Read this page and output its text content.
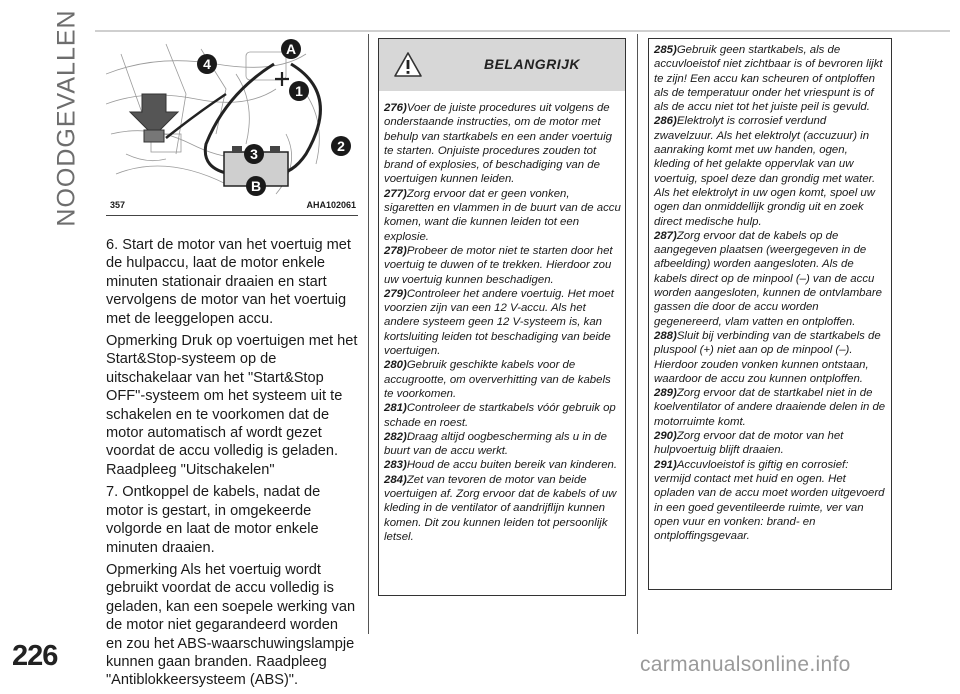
NOODGEVALLEN	A
B
1
2
3
4
357	AHA102061

6. Start de motor van het voertuig met de hulpaccu, laat de motor enkele minuten stationair draaien en start vervolgens de motor van het voertuig met de leeggelopen accu.

Opmerking Druk op voertuigen met het Start&Stop-systeem op de uitschakelaar van het "Start&Stop OFF"-systeem om het systeem uit te schakelen en te voorkomen dat de motor automatisch af wordt gezet voordat de accu volledig is geladen. Raadpleeg "Uitschakelen"

7. Ontkoppel de kabels, nadat de motor is gestart, in omgekeerde volgorde en laat de motor enkele minuten draaien.

Opmerking Als het voertuig wordt gebruikt voordat de accu volledig is geladen, kan een soepele werking van de motor niet gegarandeerd worden en zou het ABS-waarschuwingslampje kunnen gaan branden. Raadpleeg "Antiblokkeersysteem (ABS)".

BELANGRIJK
276)Voer de juiste procedures uit volgens de onderstaande instructies, om de motor met behulp van startkabels en een ander voertuig te starten. Onjuiste procedures zouden tot brand of explosies, of beschadiging van de voertuigen kunnen leiden.
277)Zorg ervoor dat er geen vonken, sigaretten en vlammen in de buurt van de accu komen, want die kunnen leiden tot een explosie.
278)Probeer de motor niet te starten door het voertuig te duwen of te trekken. Hierdoor zou uw voertuig kunnen beschadigen.
279)Controleer het andere voertuig. Het moet voorzien zijn van een 12 V-accu. Als het andere systeem geen 12 V-systeem is, kan kortsluiting leiden tot beschadiging van beide voertuigen.
280)Gebruik geschikte kabels voor de accugrootte, om oververhitting van de kabels te voorkomen.
281)Controleer de startkabels vóór gebruik op schade en roest.
282)Draag altijd oogbescherming als u in de buurt van de accu werkt.
283)Houd de accu buiten bereik van kinderen.
284)Zet van tevoren de motor van beide voertuigen af. Zorg ervoor dat de kabels of uw kleding in de ventilator of aandrijflijn kunnen komen. Dit zou kunnen leiden tot persoonlijk letsel.
285)Gebruik geen startkabels, als de accuvloeistof niet zichtbaar is of bevroren lijkt te zijn! Een accu kan scheuren of ontploffen als de temperatuur onder het vriespunt is of als de accu niet tot het juiste peil is gevuld.
286)Elektrolyt is corrosief verdund zwavelzuur. Als het elektrolyt (accuzuur) in aanraking komt met uw handen, ogen, kleding of het gelakte oppervlak van uw voertuig, spoel deze dan grondig met water. Als het elektrolyt in uw ogen komt, spoel uw ogen dan onmiddellijk grondig uit en zoek direct medische hulp.
287)Zorg ervoor dat de kabels op de aangegeven plaatsen (weergegeven in de afbeelding) worden aangesloten. Als de kabels direct op de minpool (–) van de accu worden aangesloten, kunnen de ontvlambare gassen die door de accu worden gegenereerd, vlam vatten en ontploffen.
288)Sluit bij verbinding van de startkabels de pluspool (+) niet aan op de minpool (–). Hierdoor zouden vonken kunnen ontstaan, waardoor de accu zou kunnen ontploffen.
289)Zorg ervoor dat de startkabel niet in de koelventilator of andere draaiende delen in de motorruimte komt.
290)Zorg ervoor dat de motor van het hulpvoertuig blijft draaien.
291)Accuvloeistof is giftig en corrosief: vermijd contact met huid en ogen. Het opladen van de accu moet worden uitgevoerd in een goed geventileerde ruimte, ver van open vuur en vonken: brand- en ontploffingsgevaar.
226	carmanualsonline.info
